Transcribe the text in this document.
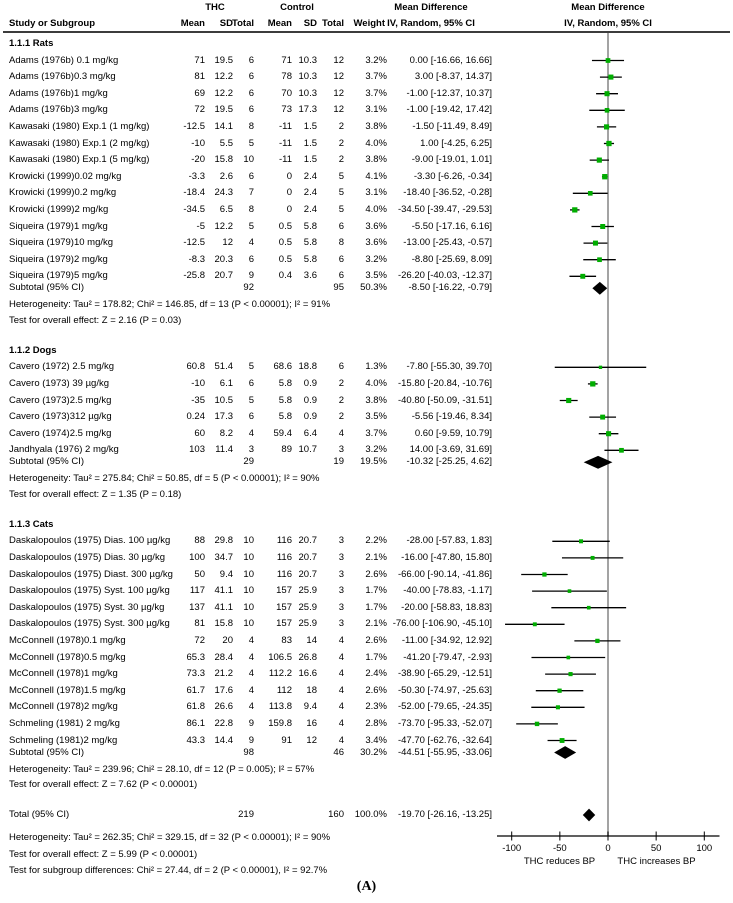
THC	Control	Mean Difference	Mean Difference
Study or Subgroup	Mean SD Total Mean SD Total Weight IV, Random, 95% CI	IV, Random, 95% CI
1.1.1 Rats
Adams (1976b) 0.1 mg/kg	71 19.5 6	71 10.3 12 3.2% 0.00 [-16.66, 16.66]
Adams (1976b)0.3 mg/kg	81 12.2 6	78 10.3 12 3.7%	3.00 [-8.37, 14.37]
Adams (1976b)1 mg/kg	69 12.2 6	70 10.3 12 3.7% -1.00 [-12.37, 10.37]
Adams (1976b)3 mg/kg	72 19.5 6	73 17.3 12 3.1% -1.00 [-19.42, 17.42]
Kawasaki (1980) Exp.1 (1 mg/kg)	-12.5 14.1 8	-11 1.5 2 3.8%	-1.50 [-11.49, 8.49]
Kawasaki (1980) Exp.1 (2 mg/kg)	-10 5.5 5	-11 1.5 2 4.0%	1.00 [-4.25, 6.25]
Kawasaki (1980) Exp.1 (5 mg/kg)	-20 15.8 10	-11 1.5 2 3.8%	-9.00 [-19.01, 1.01]
Krowicki (1999)0.02 mg/kg	-3.3 2.6 6	0 2.4 5 4.1%	-3.30 [-6.26, -0.34]
Krowicki (1999)0.2 mg/kg	-18.4 24.3 7	0 2.4 5 3.1% -18.40 [-36.52, -0.28]
Krowicki (1999)2 mg/kg	-34.5 6.5 8	0 2.4 5 4.0% -34.50 [-39.47, -29.53]
Siqueira (1979)1 mg/kg	-5 12.2 5	0.5 5.8 6 3.6%	-5.50 [-17.16, 6.16]
Siqueira (1979)10 mg/kg	-12.5 12 4	0.5 5.8 8 3.6% -13.00 [-25.43, -0.57]
Siqueira (1979)2 mg/kg	-8.3 20.3 6	0.5 5.8 6 3.2%	-8.80 [-25.69, 8.09]
Siqueira (1979)5 mg/kg	-25.8 20.7 9	0.4 3.6 6 3.5% -26.20 [-40.03, -12.37]
Subtotal (95% CI)	92	95 50.3% -8.50 [-16.22, -0.79]
Heterogeneity: Tau² = 178.82; Chi² = 146.85, df = 13 (P < 0.00001); I² = 91%
Test for overall effect: Z = 2.16 (P = 0.03)
1.1.2 Dogs
Cavero (1972) 2.5 mg/kg	60.8 51.4 5 68.6 18.8 6 1.3% -7.80 [-55.30, 39.70]
Cavero (1973) 39 µg/kg	-10 6.1 6	5.8 0.9 2 4.0% -15.80 [-20.84, -10.76]
Cavero (1973)2.5 mg/kg	-35 10.5 5	5.8 0.9 2 3.8% -40.80 [-50.09, -31.51]
Cavero (1973)312 µg/kg	0.24 17.3 6	5.8 0.9 2 3.5%	-5.56 [-19.46, 8.34]
Cavero (1974)2.5 mg/kg	60 8.2 4 59.4 6.4 4 3.7%	0.60 [-9.59, 10.79]
Jandhyala (1976) 2 mg/kg	103 11.4 3	89 10.7 3 3.2% 14.00 [-3.69, 31.69]
Subtotal (95% CI)	29	19 19.5% -10.32 [-25.25, 4.62]
Heterogeneity: Tau² = 275.84; Chi² = 50.85, df = 5 (P < 0.00001); I² = 90%
Test for overall effect: Z = 1.35 (P = 0.18)
1.1.3 Cats
Daskalopoulos (1975) Dias. 100 µg/kg	88 29.8 10 116 20.7 3 2.2% -28.00 [-57.83, 1.83]
Daskalopoulos (1975) Dias. 30 µg/kg	100 34.7 10 116 20.7 3 2.1% -16.00 [-47.80, 15.80]
Daskalopoulos (1975) Diast. 300 µg/kg 50 9.4 10 116 20.7 3 2.6% -66.00 [-90.14, -41.86]
Daskalopoulos (1975) Syst. 100 µg/kg 117 41.1 10 157 25.9 3 1.7% -40.00 [-78.83, -1.17]
Daskalopoulos (1975) Syst. 30 µg/kg	137 41.1 10 157 25.9 3 1.7% -20.00 [-58.83, 18.83]
Daskalopoulos (1975) Syst. 300 µg/kg	81 15.8 10 157 25.9 3 2.1% -76.00 [-106.90, -45.10]
McConnell (1978)0.1 mg/kg	72 20 4	83 14 4 2.6% -11.00 [-34.92, 12.92]
McConnell (1978)0.5 mg/kg	65.3 28.4 4 106.5 26.8 4 1.7% -41.20 [-79.47, -2.93]
McConnell (1978)1 mg/kg	73.3 21.2 4 112.2 16.6 4 2.4% -38.90 [-65.29, -12.51]
McConnell (1978)1.5 mg/kg	61.7 17.6 4 112 18 4 2.6% -50.30 [-74.97, -25.63]
McConnell (1978)2 mg/kg	61.8 26.6 4 113.8 9.4 4 2.3% -52.00 [-79.65, -24.35]
Schmeling (1981) 2 mg/kg	86.1 22.8 9 159.8 16 4 2.8% -73.70 [-95.33, -52.07]
Schmeling (1981)2 mg/kg	43.3 14.4 9	91 12 4 3.4% -47.70 [-62.76, -32.64]
Subtotal (95% CI)	98	46 30.2% -44.51 [-55.95, -33.06]
Heterogeneity: Tau² = 239.96; Chi² = 28.10, df = 12 (P = 0.005); I² = 57%
Test for overall effect: Z = 7.62 (P < 0.00001)
Total (95% CI)	219	160 100.0% -19.70 [-26.16, -13.25]
Heterogeneity: Tau² = 262.35; Chi² = 329.15, df = 32 (P < 0.00001); I² = 90%
Test for overall effect: Z = 5.99 (P < 0.00001)
Test for subgroup differences: Chi² = 27.44, df = 2 (P < 0.00001), I² = 92.7%
-100	-50	0	50	100
THC reduces BP THC increases BP
(A)
